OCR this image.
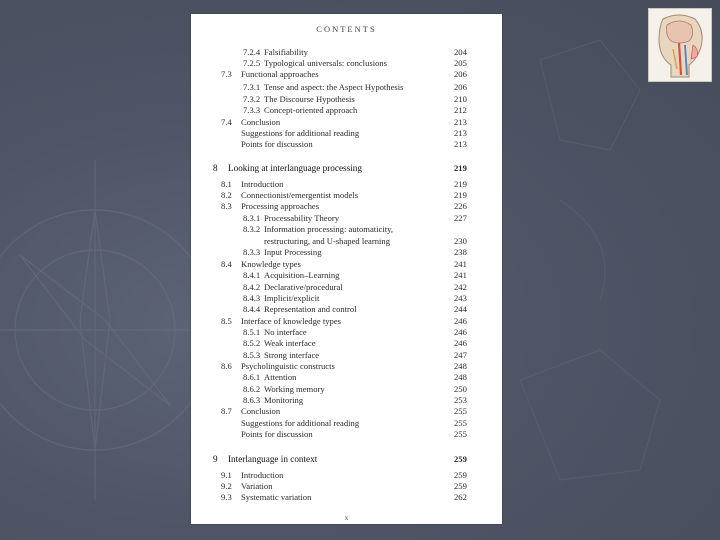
CONTENTS
7.2.4 Falsifiability	204
7.2.5 Typological universals: conclusions	205
7.3 Functional approaches	206
7.3.1 Tense and aspect: the Aspect Hypothesis	206
7.3.2 The Discourse Hypothesis	210
7.3.3 Concept-oriented approach	212
7.4 Conclusion	213
Suggestions for additional reading	213
Points for discussion	213
8 Looking at interlanguage processing	219
8.1 Introduction	219
8.2 Connectionist/emergentist models	219
8.3 Processing approaches	226
8.3.1 Processability Theory	227
8.3.2 Information processing: automaticity,
restructuring, and U-shaped learning	230
8.3.3 Input Processing	238
8.4 Knowledge types	241
8.4.1 Acquisition–Learning	241
8.4.2 Declarative/procedural	242
8.4.3 Implicit/explicit	243
8.4.4 Representation and control	244
8.5 Interface of knowledge types	246
8.5.1 No interface	246
8.5.2 Weak interface	246
8.5.3 Strong interface	247
8.6 Psycholinguistic constructs	248
8.6.1 Attention	248
8.6.2 Working memory	250
8.6.3 Monitoring	253
8.7 Conclusion	255
Suggestions for additional reading	255
Points for discussion	255
9 Interlanguage in context	259
9.1 Introduction	259
9.2 Variation	259
9.3 Systematic variation	262
x
